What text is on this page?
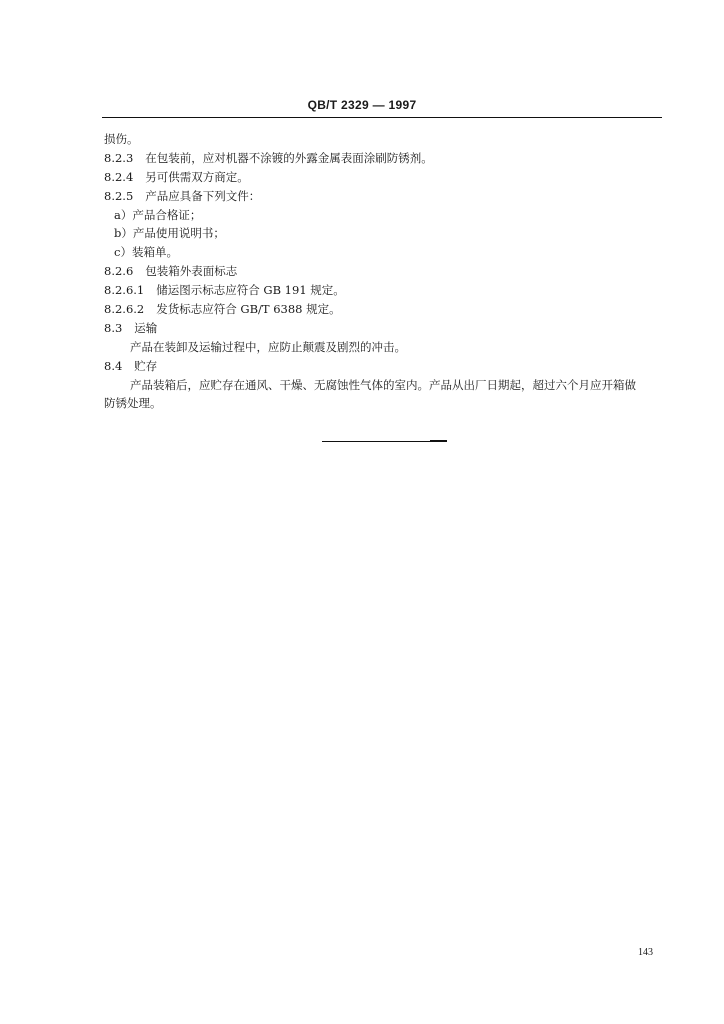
QB/T 2329 — 1997
损伤。
8.2.3 在包装前，应对机器不涂镀的外露金属表面涂刷防锈剂。
8.2.4 另可供需双方商定。
8.2.5 产品应具备下列文件：
a）产品合格证；
b）产品使用说明书；
c）装箱单。
8.2.6 包装箱外表面标志
8.2.6.1 储运图示标志应符合 GB 191 规定。
8.2.6.2 发货标志应符合 GB/T 6388 规定。
8.3 运输
产品在装卸及运输过程中，应防止颠震及剧烈的冲击。
8.4 贮存
产品装箱后，应贮存在通风、干燥、无腐蚀性气体的室内。产品从出厂日期起，超过六个月应开箱做
防锈处理。
143
